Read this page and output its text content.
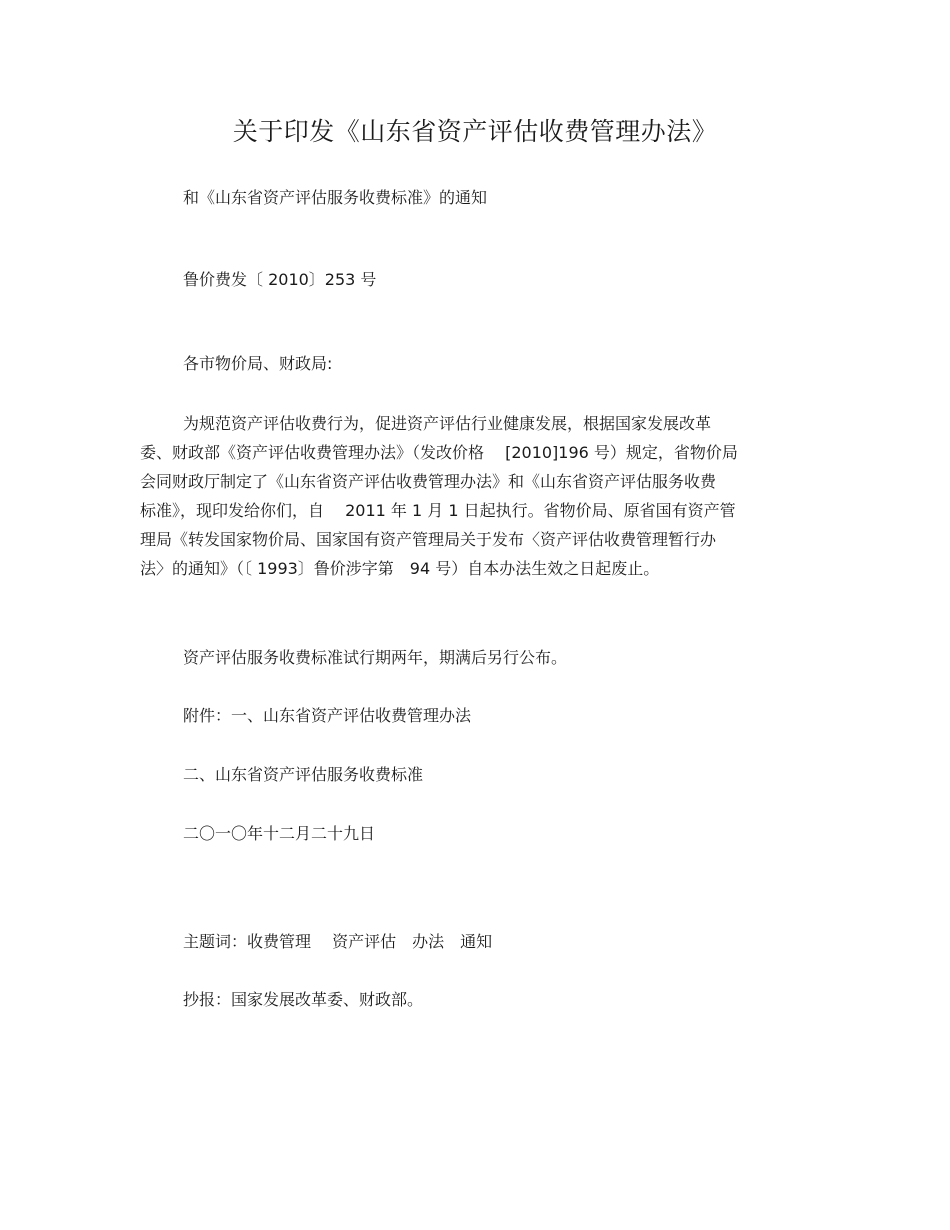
关于印发《山东省资产评估收费管理办法》
和《山东省资产评估服务收费标准》的通知
鲁价费发〔 2010〕253 号
各市物价局、财政局:
为规范资产评估收费行为，促进资产评估行业健康发展，根据国家发展改革
委、财政部《资产评估收费管理办法》（发改价格　 [2010]196 号）规定，省物价局
会同财政厅制定了《山东省资产评估收费管理办法》和《山东省资产评估服务收费
标准》，现印发给你们，自　 2011 年 1 月 1 日起执行。省物价局、原省国有资产管
理局《转发国家物价局、国家国有资产管理局关于发布〈资产评估收费管理暂行办
法〉的通知》（〔 1993〕鲁价涉字第　94 号）自本办法生效之日起废止。
资产评估服务收费标准试行期两年，期满后另行公布。
附件：一、山东省资产评估收费管理办法
二、山东省资产评估服务收费标准
二〇一〇年十二月二十九日
主题词：收费管理　 资产评估　办法　通知
抄报：国家发展改革委、财政部。
